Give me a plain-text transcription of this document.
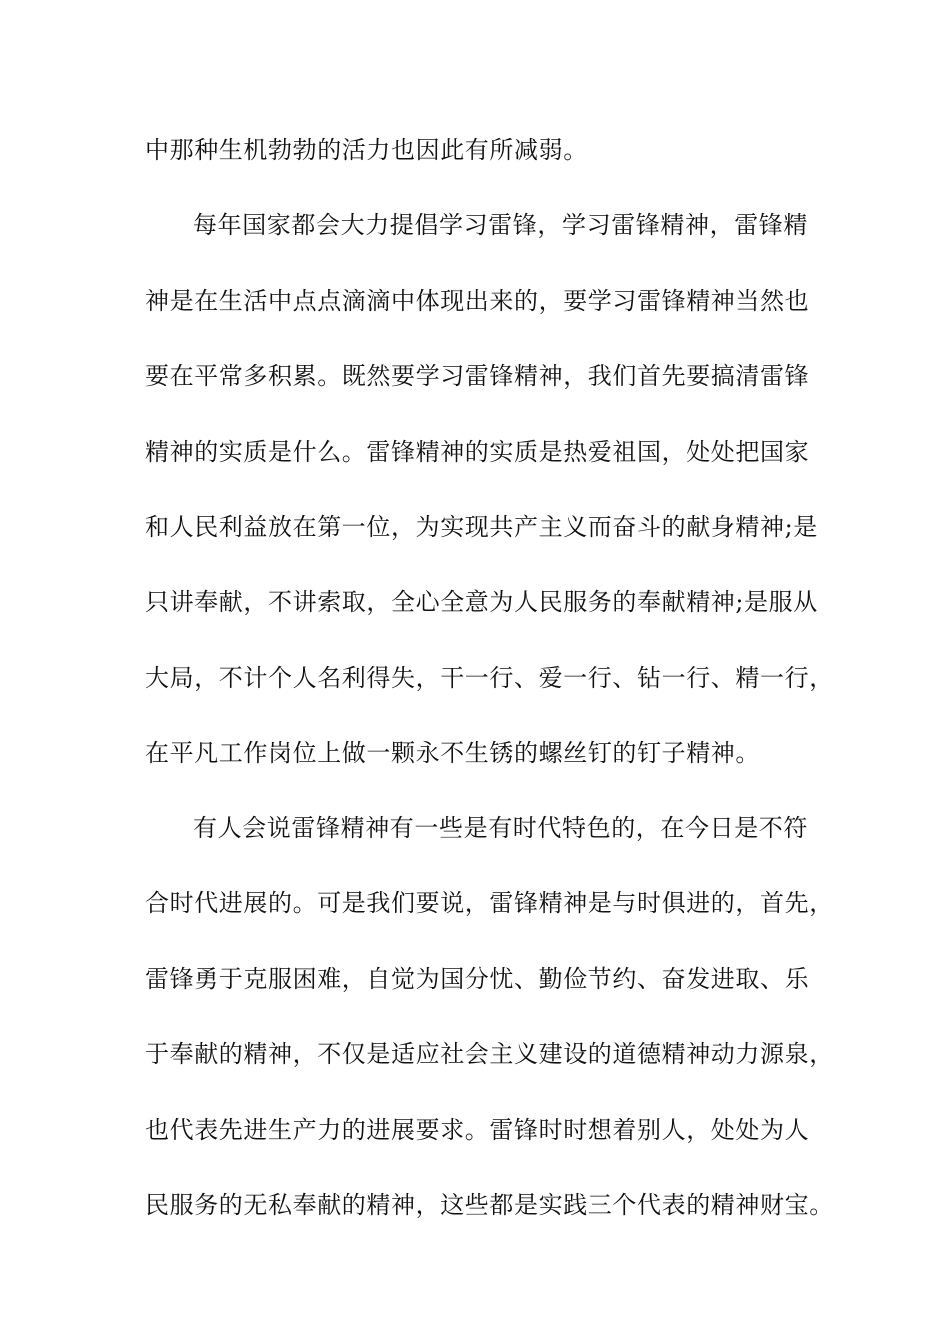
中那种生机勃勃的活力也因此有所减弱。
每年国家都会大力提倡学习雷锋，学习雷锋精神，雷锋精
神是在生活中点点滴滴中体现出来的，要学习雷锋精神当然也
要在平常多积累。既然要学习雷锋精神，我们首先要搞清雷锋
精神的实质是什么。雷锋精神的实质是热爱祖国，处处把国家
和人民利益放在第一位，为实现共产主义而奋斗的献身精神;是
只讲奉献，不讲索取，全心全意为人民服务的奉献精神;是服从
大局，不计个人名利得失，干一行、爱一行、钻一行、精一行，
在平凡工作岗位上做一颗永不生锈的螺丝钉的钉子精神。
有人会说雷锋精神有一些是有时代特色的，在今日是不符
合时代进展的。可是我们要说，雷锋精神是与时俱进的，首先，
雷锋勇于克服困难，自觉为国分忧、勤俭节约、奋发进取、乐
于奉献的精神，不仅是适应社会主义建设的道德精神动力源泉，
也代表先进生产力的进展要求。雷锋时时想着别人，处处为人
民服务的无私奉献的精神，这些都是实践三个代表的精神财宝。
